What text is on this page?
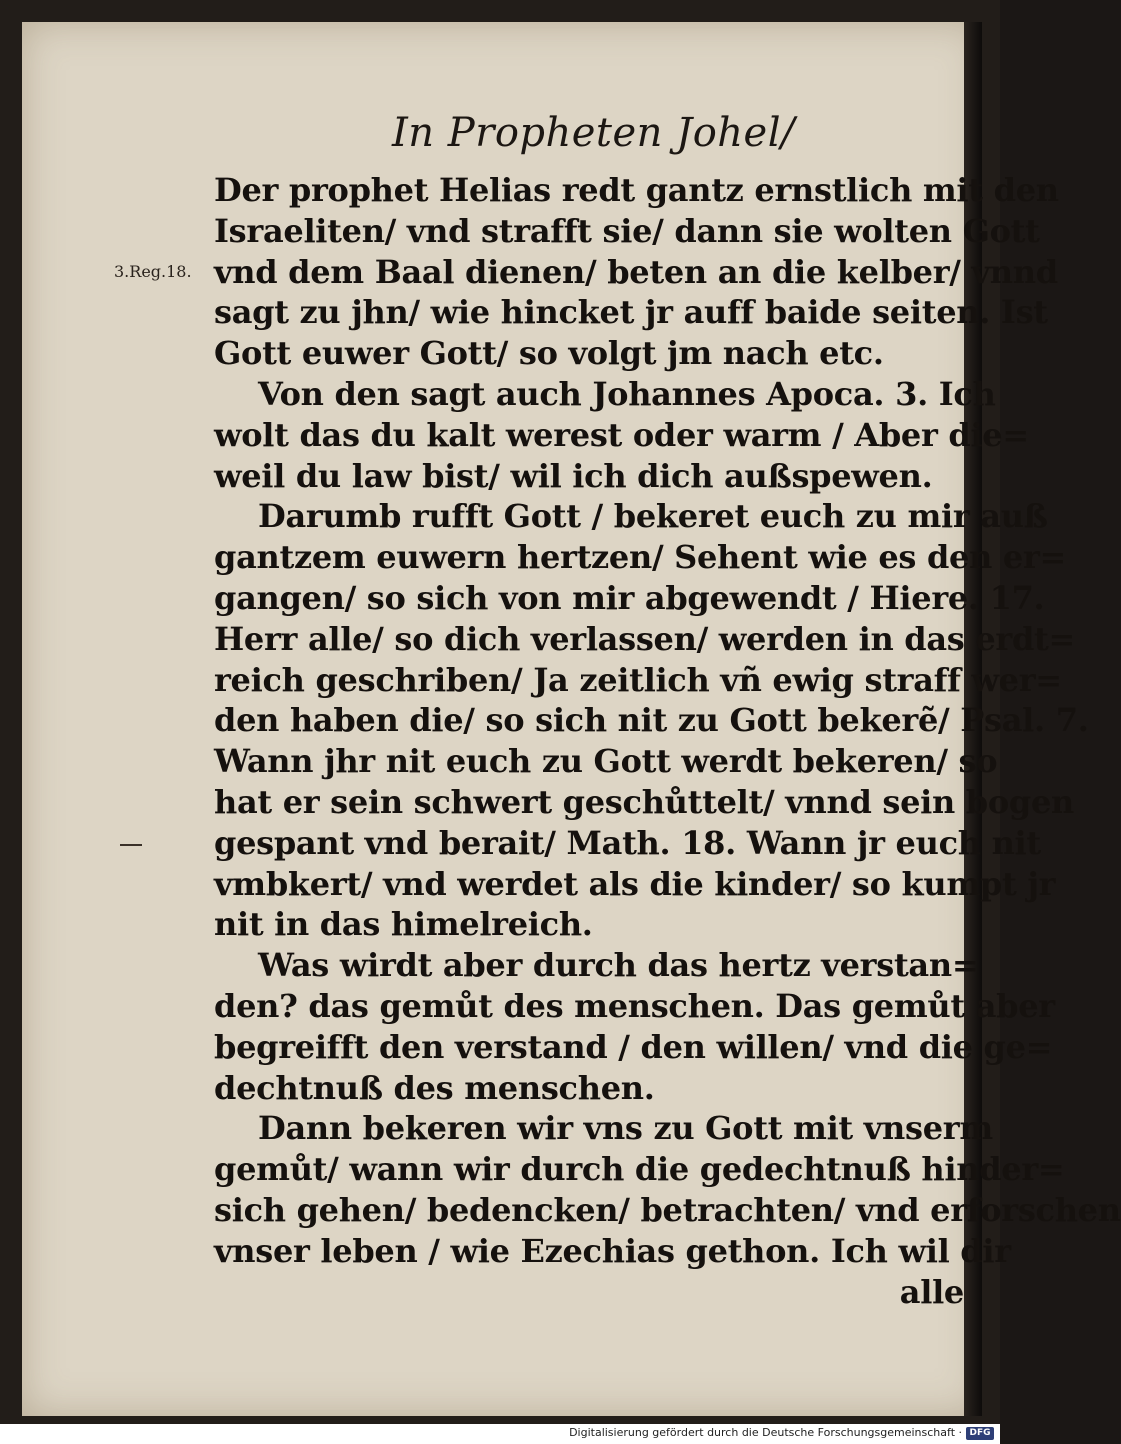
In Propheten Johel/
3.Reg.18.
Der prophet Helias redt gantz ernstlich mit den
Israeliten/ vnd strafft sie/ dann sie wolten Gott
vnd dem Baal dienen/ beten an die kelber/ vnnd
sagt zu jhn/ wie hincket jr auff baide seiten. Ist
Gott euwer Gott/ so volgt jm nach etc.
Von den sagt auch Johannes Apoca. 3. Ich
wolt das du kalt werest oder warm / Aber die=
weil du law bist/ wil ich dich außspewen.
Darumb rufft Gott / bekeret euch zu mir auß
gantzem euwern hertzen/ Sehent wie es den er=
gangen/ so sich von mir abgewendt / Hiere. 17.
Herr alle/ so dich verlassen/ werden in das erdt=
reich geschriben/ Ja zeitlich vñ ewig straff wer=
den haben die/ so sich nit zu Gott bekerẽ/ Psal. 7.
Wann jhr nit euch zu Gott werdt bekeren/ so
hat er sein schwert geschůttelt/ vnnd sein bogen
gespant vnd berait/ Math. 18. Wann jr euch nit
vmbkert/ vnd werdet als die kinder/ so kumpt jr
nit in das himelreich.
Was wirdt aber durch das hertz verstan=
den? das gemůt des menschen. Das gemůt aber
begreifft den verstand / den willen/ vnd die ge=
dechtnuß des menschen.
Dann bekeren wir vns zu Gott mit vnserm
gemůt/ wann wir durch die gedechtnuß hinder=
sich gehen/ bedencken/ betrachten/ vnd erforschen
vnser leben / wie Ezechias gethon. Ich wil dir
alle
Digitalisierung gefördert durch die Deutsche Forschungsgemeinschaft · DFG
